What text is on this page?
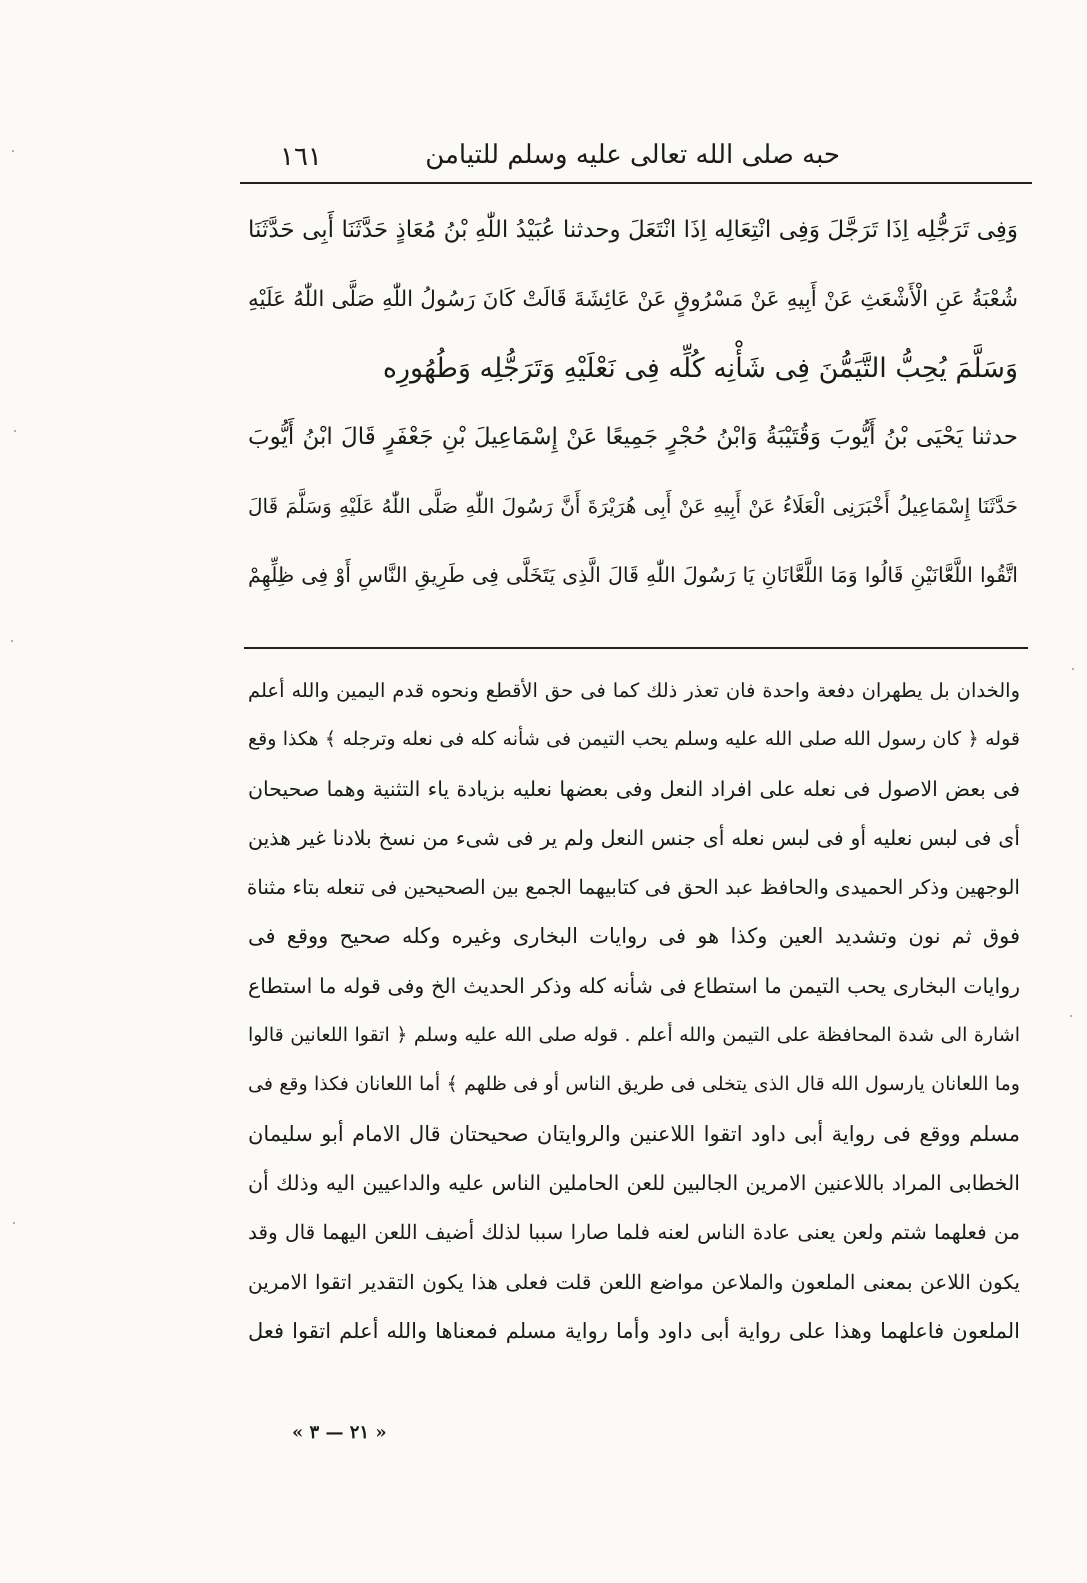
١٦١	حبه صلى الله تعالى عليه وسلم للتيامن
وَفِى تَرَجُّلِه اِذَا تَرَجَّلَ وَفِى انْتِعَالِه اِذَا انْتَعَلَ وحدثنا عُبَيْدُ اللّٰهِ بْنُ مُعَاذٍ حَدَّثَنَا أَبِى حَدَّثَنَا
شُعْبَةُ عَنِ الْأَشْعَثِ عَنْ أَبِيهِ عَنْ مَسْرُوقٍ عَنْ عَائِشَةَ قَالَتْ كَانَ رَسُولُ اللّٰهِ صَلَّى اللّٰهُ عَلَيْهِ
وَسَلَّمَ يُحِبُّ التَّيَمُّنَ فِى شَأْنِه كُلِّه فِى نَعْلَيْهِ وَتَرَجُّلِه وَطُهُورِه
حدثنا يَحْيَى بْنُ أَيُّوبَ وَقُتَيْبَةُ وَابْنُ حُجْرٍ جَمِيعًا عَنْ إِسْمَاعِيلَ بْنِ جَعْفَرٍ قَالَ ابْنُ أَيُّوبَ
حَدَّثَنَا إِسْمَاعِيلُ أَخْبَرَنِى الْعَلَاءُ عَنْ أَبِيهِ عَنْ أَبِى هُرَيْرَةَ أَنَّ رَسُولَ اللّٰهِ صَلَّى اللّٰهُ عَلَيْهِ وَسَلَّمَ قَالَ
اتَّقُوا اللَّعَّانَيْنِ قَالُوا وَمَا اللَّعَّانَانِ يَا رَسُولَ اللّٰهِ قَالَ الَّذِى يَتَخَلَّى فِى طَرِيقِ النَّاسِ أَوْ فِى ظِلِّهِمْ
والخدان بل يطهران دفعة واحدة فان تعذر ذلك كما فى حق الأقطع ونحوه قدم اليمين والله أعلم
قوله ﴿ كان رسول الله صلى الله عليه وسلم يحب التيمن فى شأنه كله فى نعله وترجله ﴾ هكذا وقع
فى بعض الاصول فى نعله على افراد النعل وفى بعضها نعليه بزيادة ياء التثنية وهما صحيحان
أى فى لبس نعليه أو فى لبس نعله أى جنس النعل ولم ير فى شىء من نسخ بلادنا غير هذين
الوجهين وذكر الحميدى والحافظ عبد الحق فى كتابيهما الجمع بين الصحيحين فى تنعله بتاء مثناة
فوق ثم نون وتشديد العين وكذا هو فى روايات البخارى وغيره وكله صحيح ووقع فى
روايات البخارى يحب التيمن ما استطاع فى شأنه كله وذكر الحديث الخ وفى قوله ما استطاع
اشارة الى شدة المحافظة على التيمن والله أعلم . قوله صلى الله عليه وسلم ﴿ اتقوا اللعانين قالوا
وما اللعانان يارسول الله قال الذى يتخلى فى طريق الناس أو فى ظلهم ﴾ أما اللعانان فكذا وقع فى
مسلم ووقع فى رواية أبى داود اتقوا اللاعنين والروايتان صحيحتان قال الامام أبو سليمان
الخطابى المراد باللاعنين الامرين الجالبين للعن الحاملين الناس عليه والداعيين اليه وذلك أن
من فعلهما شتم ولعن يعنى عادة الناس لعنه فلما صارا سببا لذلك أضيف اللعن اليهما قال وقد
يكون اللاعن بمعنى الملعون والملاعن مواضع اللعن قلت فعلى هذا يكون التقدير اتقوا الامرين
الملعون فاعلهما وهذا على رواية أبى داود وأما رواية مسلم فمعناها والله أعلم اتقوا فعل
« ٢١ — ٣ »
